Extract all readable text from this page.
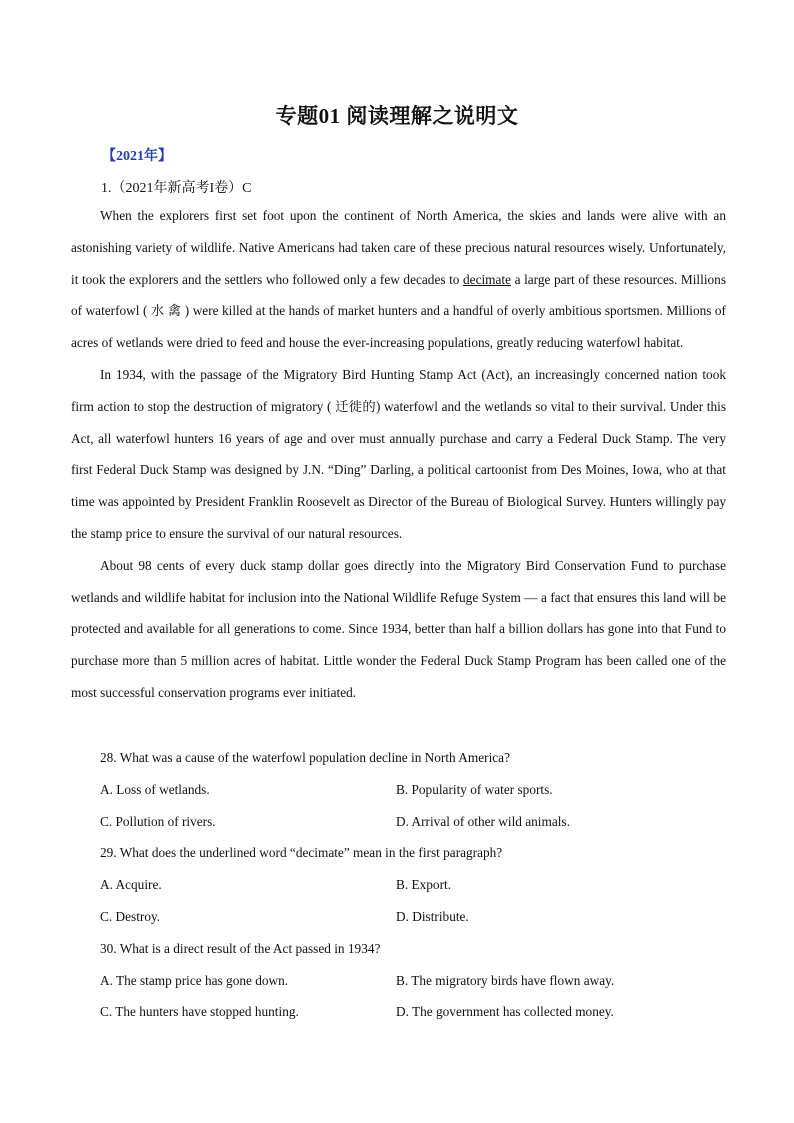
专题01 阅读理解之说明文
【2021年】
1.（2021年新高考I卷）C

When the explorers first set foot upon the continent of North America, the skies and lands were alive with an astonishing variety of wildlife. Native Americans had taken care of these precious natural resources wisely. Unfortunately, it took the explorers and the settlers who followed only a few decades to decimate a large part of these resources. Millions of waterfowl ( 水 禽 ) were killed at the hands of market hunters and a handful of overly ambitious sportsmen. Millions of acres of wetlands were dried to feed and house the ever-increasing populations, greatly reducing waterfowl habitat.

In 1934, with the passage of the Migratory Bird Hunting Stamp Act (Act), an increasingly concerned nation took firm action to stop the destruction of migratory ( 迁徙的) waterfowl and the wetlands so vital to their survival. Under this Act, all waterfowl hunters 16 years of age and over must annually purchase and carry a Federal Duck Stamp. The very first Federal Duck Stamp was designed by J.N. “Ding” Darling, a political cartoonist from Des Moines, Iowa, who at that time was appointed by President Franklin Roosevelt as Director of the Bureau of Biological Survey. Hunters willingly pay the stamp price to ensure the survival of our natural resources.

About 98 cents of every duck stamp dollar goes directly into the Migratory Bird Conservation Fund to purchase wetlands and wildlife habitat for inclusion into the National Wildlife Refuge System — a fact that ensures this land will be protected and available for all generations to come. Since 1934, better than half a billion dollars has gone into that Fund to purchase more than 5 million acres of habitat. Little wonder the Federal Duck Stamp Program has been called one of the most successful conservation programs ever initiated.

28. What was a cause of the waterfowl population decline in North America?
A. Loss of wetlands.	B. Popularity of water sports.
C. Pollution of rivers.	D. Arrival of other wild animals.
29. What does the underlined word “decimate” mean in the first paragraph?
A. Acquire.	B. Export.
C. Destroy.	D. Distribute.
30. What is a direct result of the Act passed in 1934?
A. The stamp price has gone down.	B. The migratory birds have flown away.
C. The hunters have stopped hunting.	D. The government has collected money.
